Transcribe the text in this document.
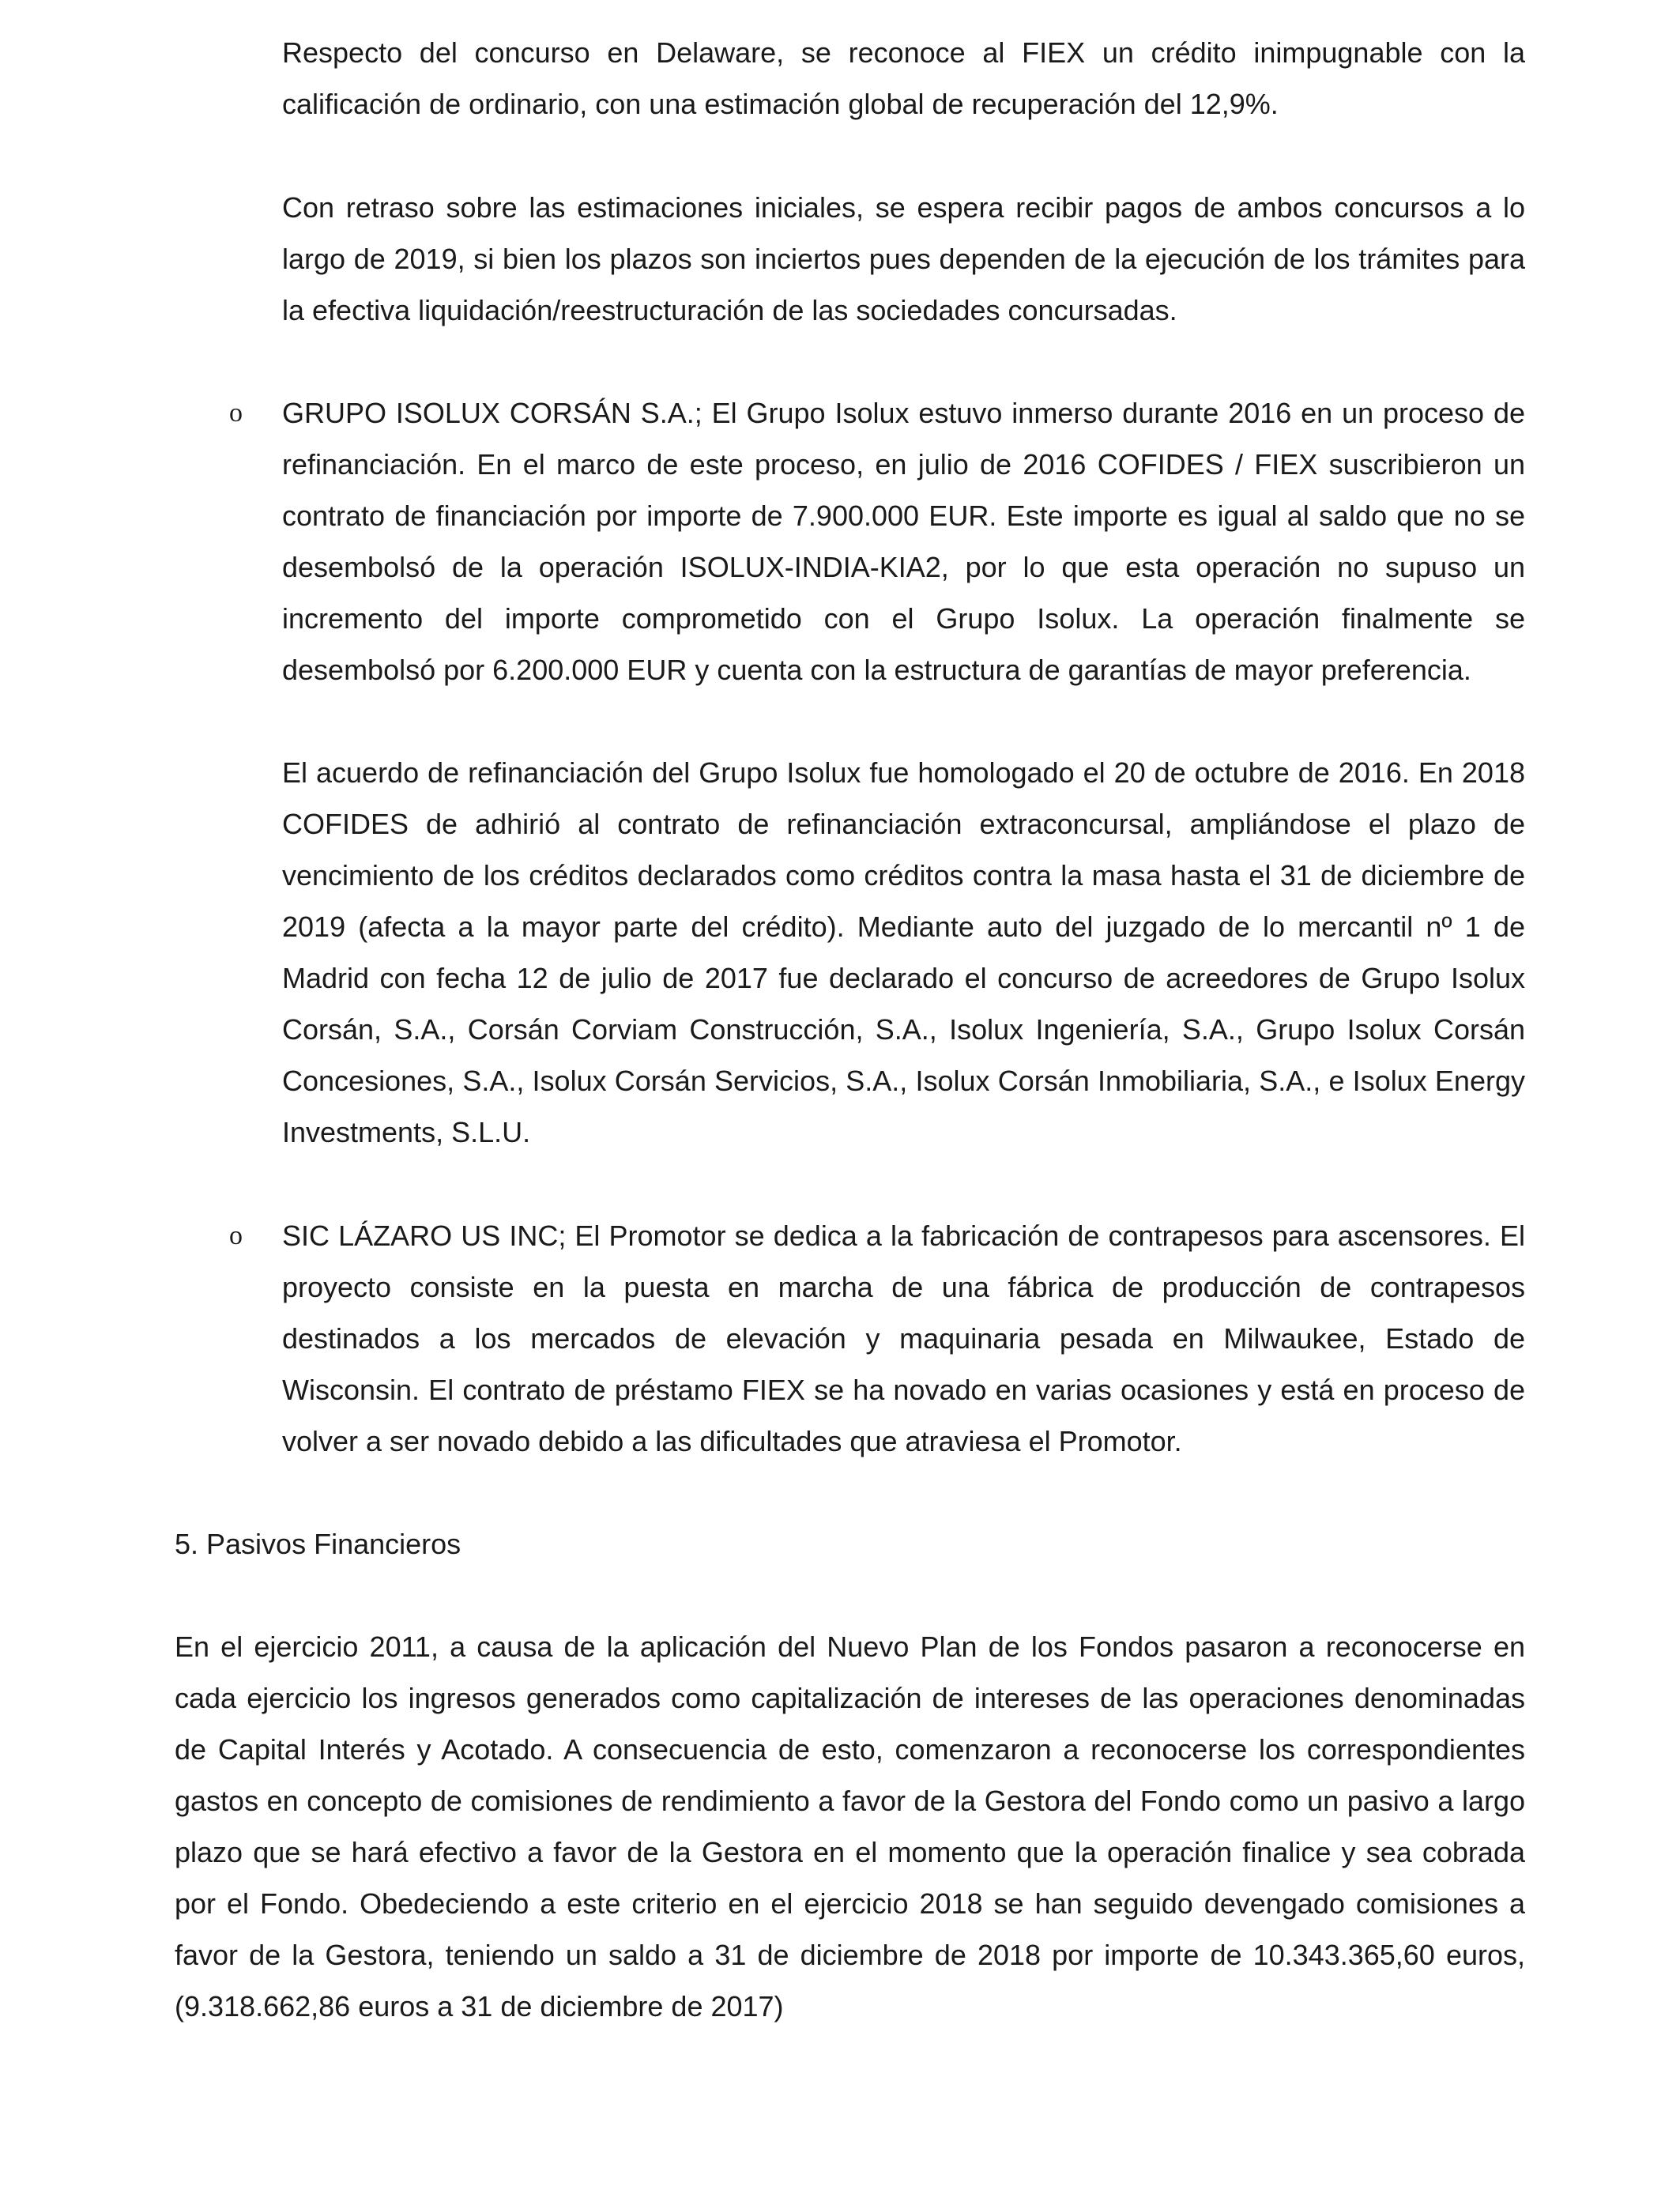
Respecto del concurso en Delaware, se reconoce al FIEX un crédito inimpugnable con la calificación de ordinario, con una estimación global de recuperación del 12,9%.

Con retraso sobre las estimaciones iniciales, se espera recibir pagos de ambos concursos a lo largo de 2019, si bien los plazos son inciertos pues dependen de la ejecución de los trámites para la efectiva liquidación/reestructuración de las sociedades concursadas.

o GRUPO ISOLUX CORSÁN S.A.; El Grupo Isolux estuvo inmerso durante 2016 en un proceso de refinanciación. En el marco de este proceso, en julio de 2016 COFIDES / FIEX suscribieron un contrato de financiación por importe de 7.900.000 EUR. Este importe es igual al saldo que no se desembolsó de la operación ISOLUX-INDIA-KIA2, por lo que esta operación no supuso un incremento del importe comprometido con el Grupo Isolux. La operación finalmente se desembolsó por 6.200.000 EUR y cuenta con la estructura de garantías de mayor preferencia.

El acuerdo de refinanciación del Grupo Isolux fue homologado el 20 de octubre de 2016. En 2018 COFIDES de adhirió al contrato de refinanciación extraconcursal, ampliándose el plazo de vencimiento de los créditos declarados como créditos contra la masa hasta el 31 de diciembre de 2019 (afecta a la mayor parte del crédito). Mediante auto del juzgado de lo mercantil nº 1 de Madrid con fecha 12 de julio de 2017 fue declarado el concurso de acreedores de Grupo Isolux Corsán, S.A., Corsán Corviam Construcción, S.A., Isolux Ingeniería, S.A., Grupo Isolux Corsán Concesiones, S.A., Isolux Corsán Servicios, S.A., Isolux Corsán Inmobiliaria, S.A., e Isolux Energy Investments, S.L.U.

o SIC LÁZARO US INC; El Promotor se dedica a la fabricación de contrapesos para ascensores. El proyecto consiste en la puesta en marcha de una fábrica de producción de contrapesos destinados a los mercados de elevación y maquinaria pesada en Milwaukee, Estado de Wisconsin. El contrato de préstamo FIEX se ha novado en varias ocasiones y está en proceso de volver a ser novado debido a las dificultades que atraviesa el Promotor.

5. Pasivos Financieros

En el ejercicio 2011, a causa de la aplicación del Nuevo Plan de los Fondos pasaron a reconocerse en cada ejercicio los ingresos generados como capitalización de intereses de las operaciones denominadas de Capital Interés y Acotado. A consecuencia de esto, comenzaron a reconocerse los correspondientes gastos en concepto de comisiones de rendimiento a favor de la Gestora del Fondo como un pasivo a largo plazo que se hará efectivo a favor de la Gestora en el momento que la operación finalice y sea cobrada por el Fondo. Obedeciendo a este criterio en el ejercicio 2018 se han seguido devengado comisiones a favor de la Gestora, teniendo un saldo a 31 de diciembre de 2018 por importe de 10.343.365,60 euros, (9.318.662,86 euros a 31 de diciembre de 2017)
